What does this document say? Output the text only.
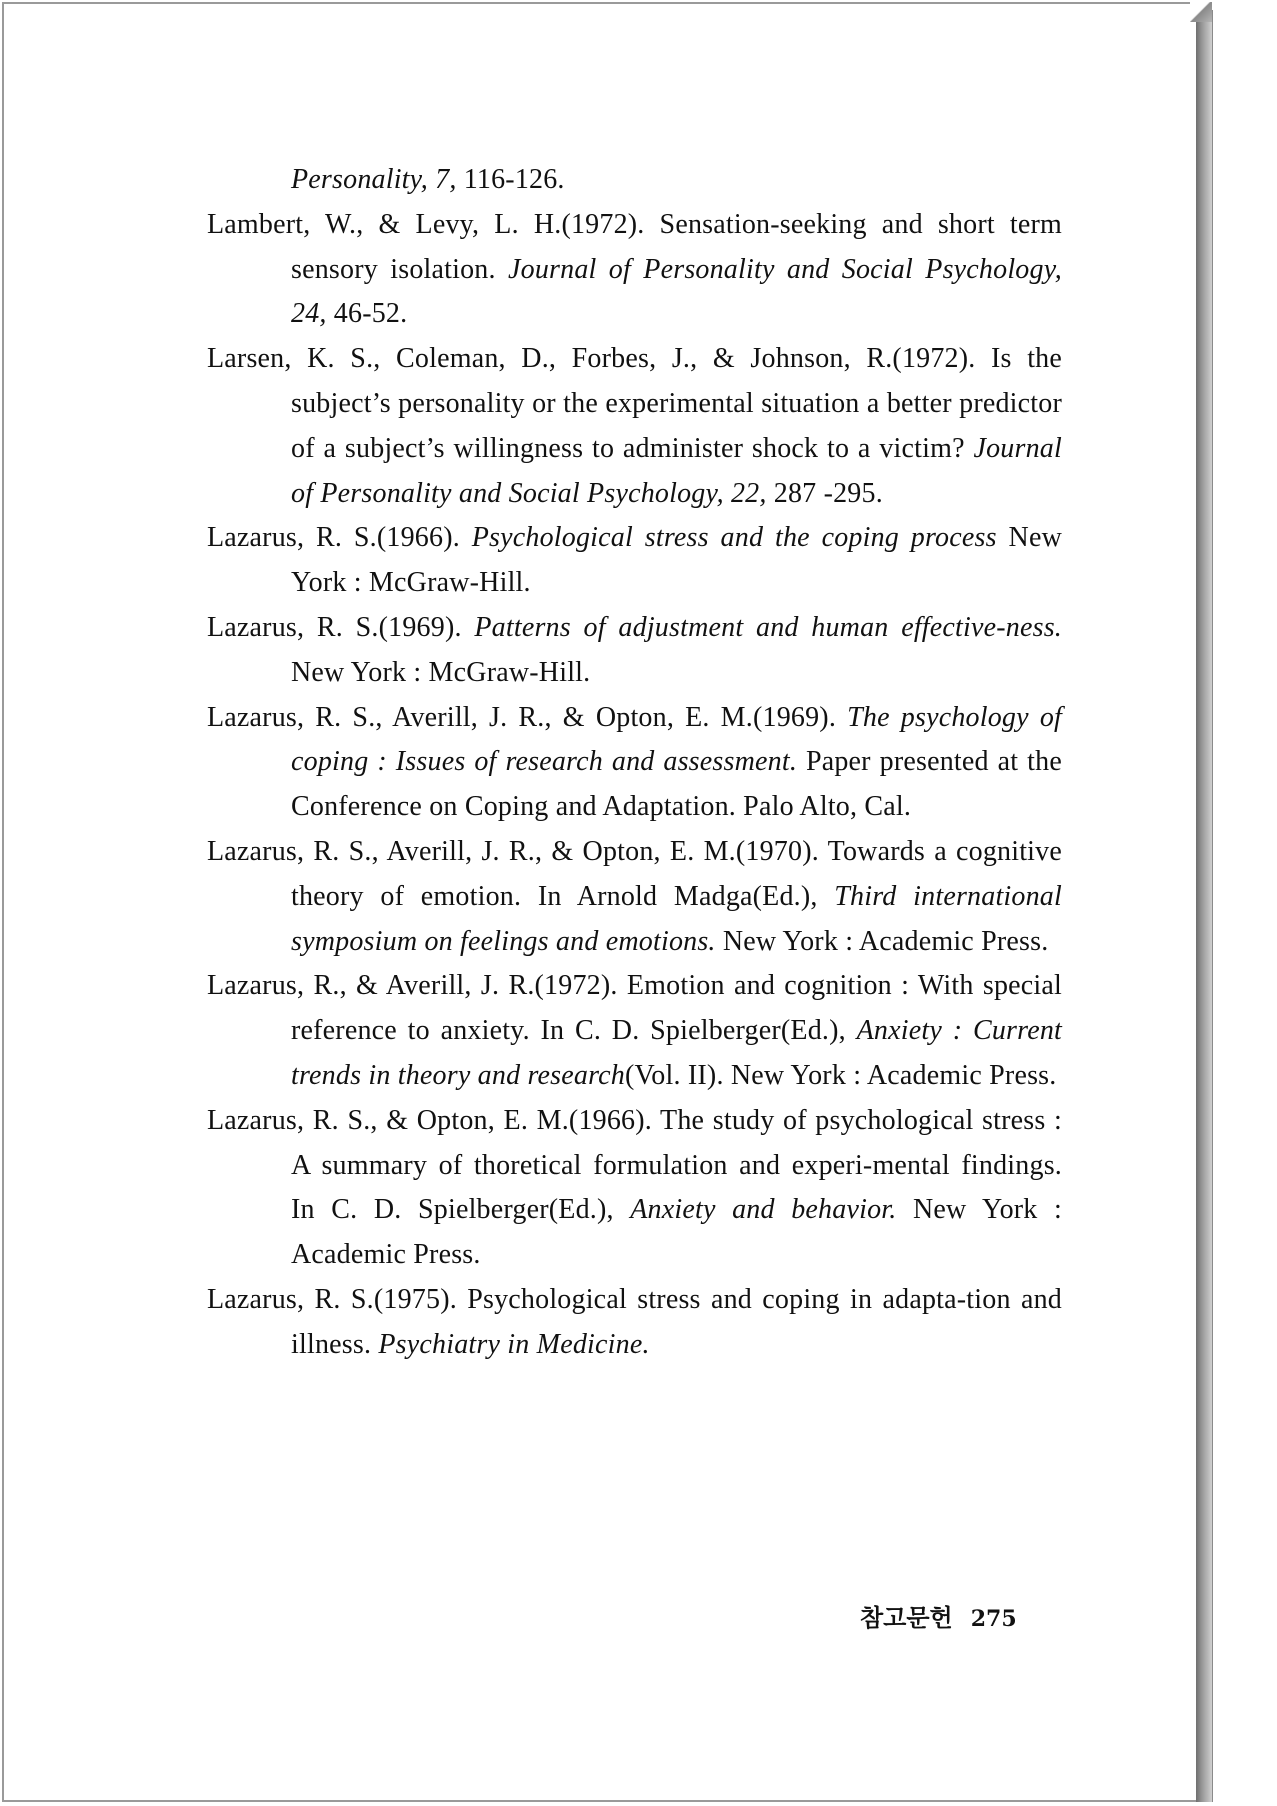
Personality, 7, 116-126.

Lambert, W., & Levy, L. H.(1972). Sensation-seeking and short term sensory isolation. Journal of Personality and Social Psychology, 24, 46-52.

Larsen, K. S., Coleman, D., Forbes, J., & Johnson, R.(1972). Is the subject’s personality or the experimental situation a better predictor of a subject’s willingness to administer shock to a victim? Journal of Personality and Social Psychology, 22, 287 -295.

Lazarus, R. S.(1966). Psychological stress and the coping process New York : McGraw-Hill.

Lazarus, R. S.(1969). Patterns of adjustment and human effective-ness. New York : McGraw-Hill.

Lazarus, R. S., Averill, J. R., & Opton, E. M.(1969). The psychology of coping : Issues of research and assessment. Paper presented at the Conference on Coping and Adaptation. Palo Alto, Cal.

Lazarus, R. S., Averill, J. R., & Opton, E. M.(1970). Towards a cognitive theory of emotion. In Arnold Madga(Ed.), Third international symposium on feelings and emotions. New York : Academic Press.

Lazarus, R., & Averill, J. R.(1972). Emotion and cognition : With special reference to anxiety. In C. D. Spielberger(Ed.), Anxiety : Current trends in theory and research(Vol. II). New York : Academic Press.

Lazarus, R. S., & Opton, E. M.(1966). The study of psychological stress : A summary of thoretical formulation and experi-mental findings. In C. D. Spielberger(Ed.), Anxiety and behavior. New York : Academic Press.

Lazarus, R. S.(1975). Psychological stress and coping in adapta-tion and illness. Psychiatry in Medicine.

참고문헌 275
